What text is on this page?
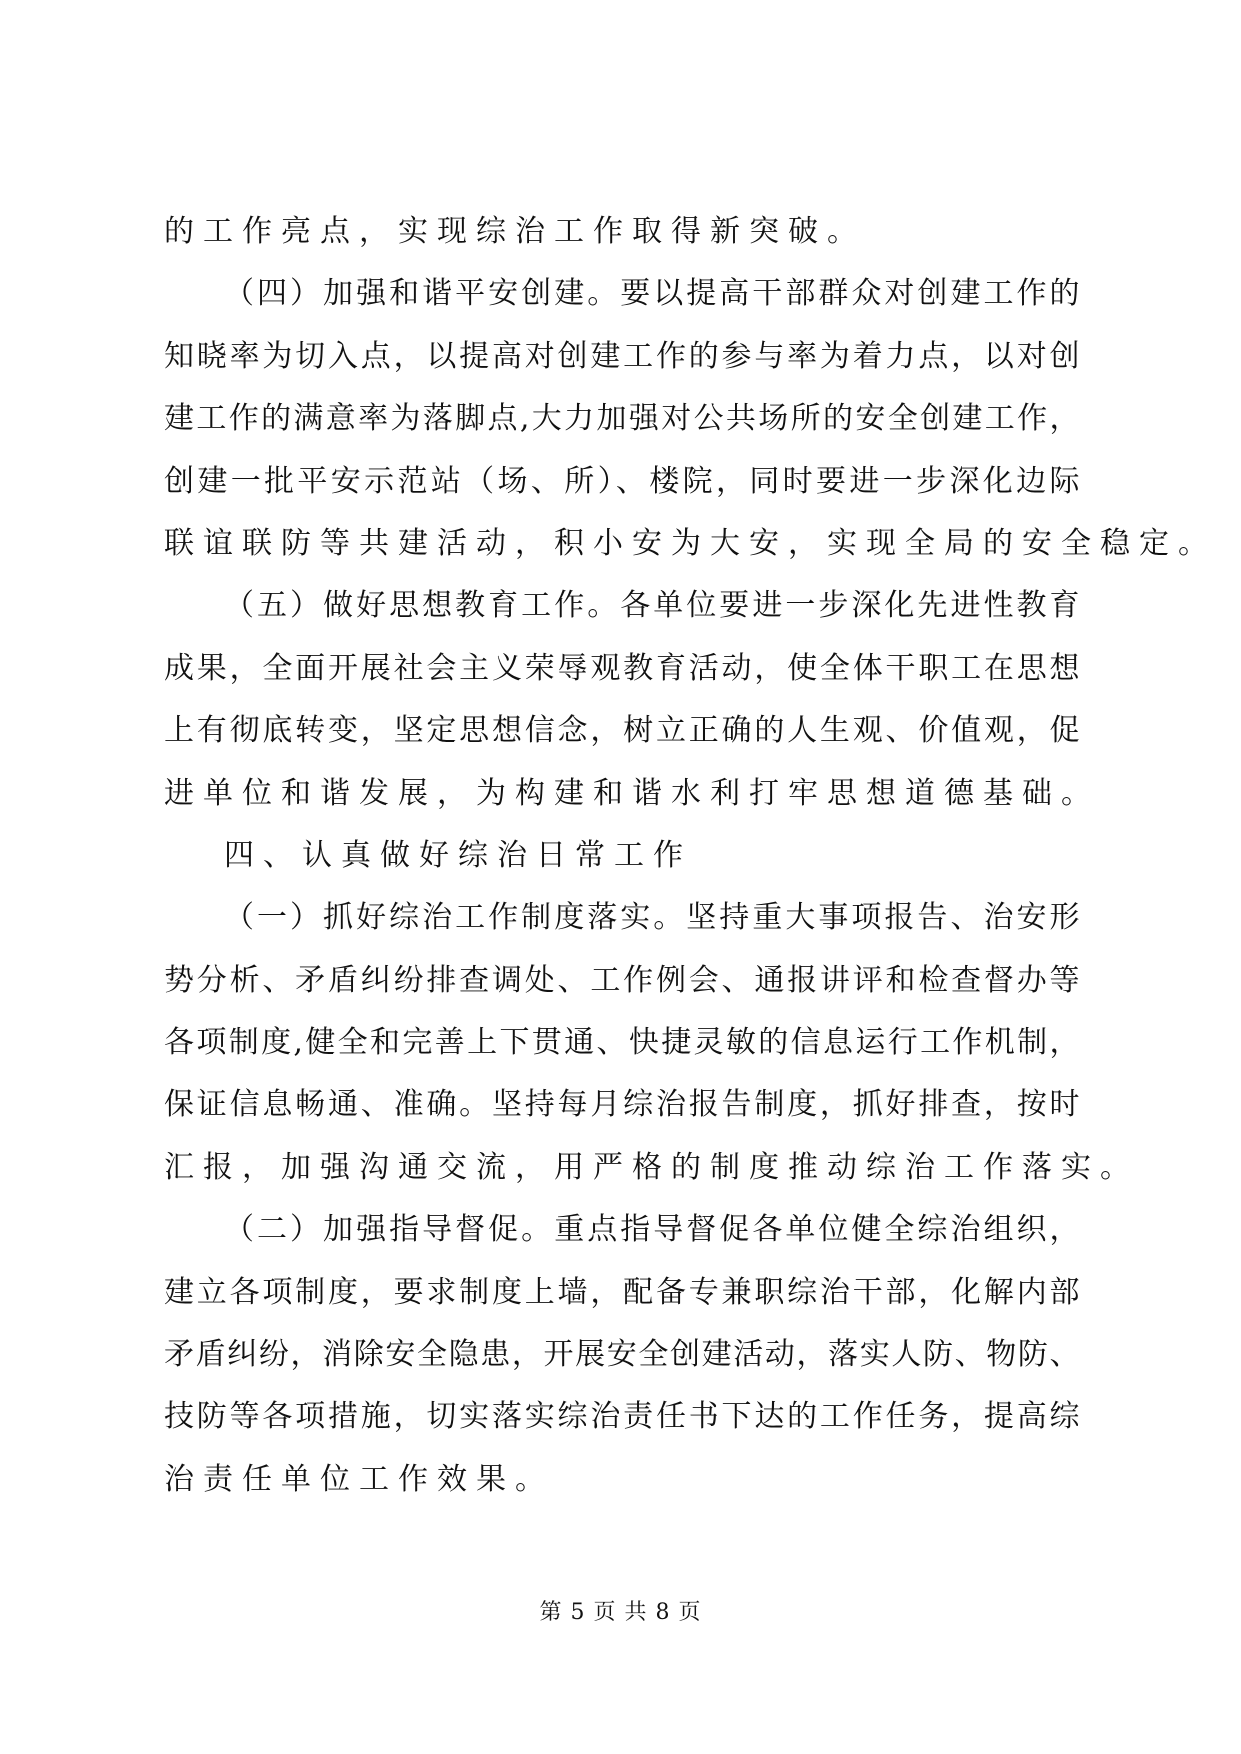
的工作亮点，实现综治工作取得新突破。
（四）加强和谐平安创建。要以提高干部群众对创建工作的
知晓率为切入点，以提高对创建工作的参与率为着力点，以对创
建工作的满意率为落脚点,大力加强对公共场所的安全创建工作，
创建一批平安示范站（场、所）、楼院，同时要进一步深化边际
联谊联防等共建活动，积小安为大安，实现全局的安全稳定。
（五）做好思想教育工作。各单位要进一步深化先进性教育
成果，全面开展社会主义荣辱观教育活动，使全体干职工在思想
上有彻底转变，坚定思想信念，树立正确的人生观、价值观，促
进单位和谐发展，为构建和谐水利打牢思想道德基础。
四、认真做好综治日常工作
（一）抓好综治工作制度落实。坚持重大事项报告、治安形
势分析、矛盾纠纷排查调处、工作例会、通报讲评和检查督办等
各项制度,健全和完善上下贯通、快捷灵敏的信息运行工作机制，
保证信息畅通、准确。坚持每月综治报告制度，抓好排查，按时
汇报，加强沟通交流，用严格的制度推动综治工作落实。
（二）加强指导督促。重点指导督促各单位健全综治组织，
建立各项制度，要求制度上墙，配备专兼职综治干部，化解内部
矛盾纠纷，消除安全隐患，开展安全创建活动，落实人防、物防、
技防等各项措施，切实落实综治责任书下达的工作任务，提高综
治责任单位工作效果。
第 5 页 共 8 页
